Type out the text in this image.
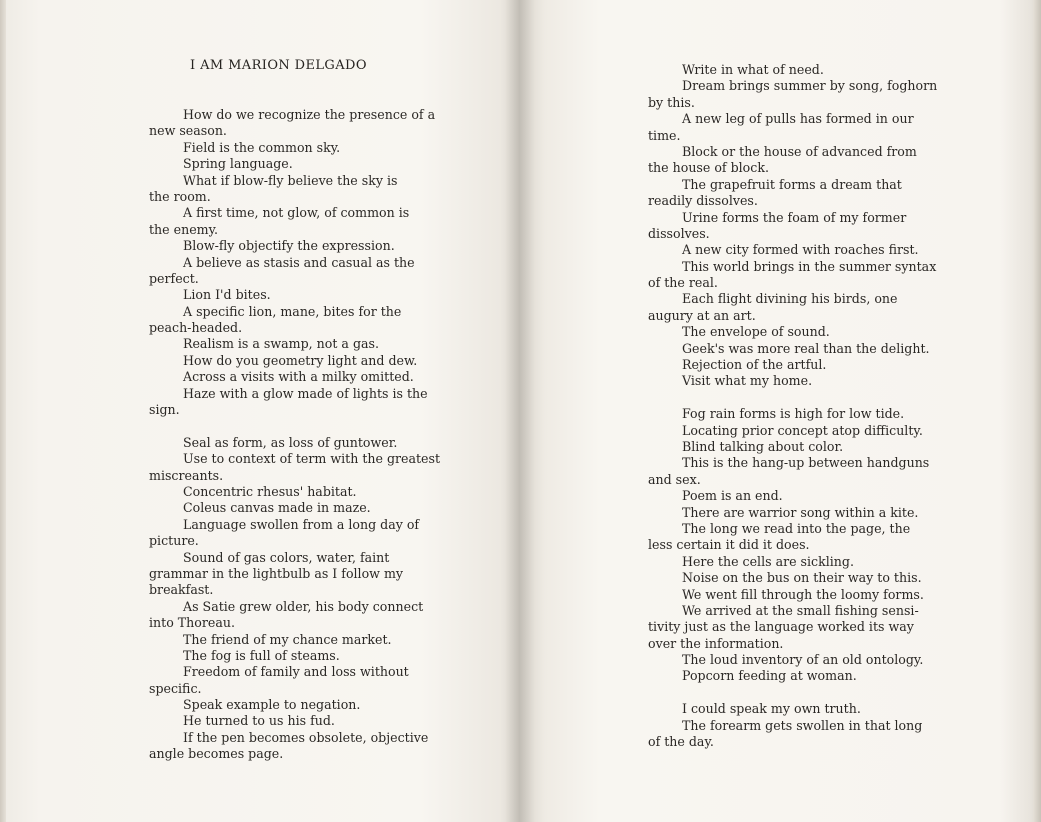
I AM MARION DELGADO
How do we recognize the presence of a
new season.
Field is the common sky.
Spring language.
What if blow-fly believe the sky is
the room.
A first time, not glow, of common is
the enemy.
Blow-fly objectify the expression.
A believe as stasis and casual as the
perfect.
Lion I'd bites.
A specific lion, mane, bites for the
peach-headed.
Realism is a swamp, not a gas.
How do you geometry light and dew.
Across a visits with a milky omitted.
Haze with a glow made of lights is the
sign.
Seal as form, as loss of guntower.
Use to context of term with the greatest
miscreants.
Concentric rhesus' habitat.
Coleus canvas made in maze.
Language swollen from a long day of
picture.
Sound of gas colors, water, faint
grammar in the lightbulb as I follow my
breakfast.
As Satie grew older, his body connect
into Thoreau.
The friend of my chance market.
The fog is full of steams.
Freedom of family and loss without
specific.
Speak example to negation.
He turned to us his fud.
If the pen becomes obsolete, objective
angle becomes page.
Write in what of need.
Dream brings summer by song, foghorn
by this.
A new leg of pulls has formed in our
time.
Block or the house of advanced from
the house of block.
The grapefruit forms a dream that
readily dissolves.
Urine forms the foam of my former
dissolves.
A new city formed with roaches first.
This world brings in the summer syntax
of the real.
Each flight divining his birds, one
augury at an art.
The envelope of sound.
Geek's was more real than the delight.
Rejection of the artful.
Visit what my home.
Fog rain forms is high for low tide.
Locating prior concept atop difficulty.
Blind talking about color.
This is the hang-up between handguns
and sex.
Poem is an end.
There are warrior song within a kite.
The long we read into the page, the
less certain it did it does.
Here the cells are sickling.
Noise on the bus on their way to this.
We went fill through the loomy forms.
We arrived at the small fishing sensi-
tivity just as the language worked its way
over the information.
The loud inventory of an old ontology.
Popcorn feeding at woman.
I could speak my own truth.
The forearm gets swollen in that long
of the day.
